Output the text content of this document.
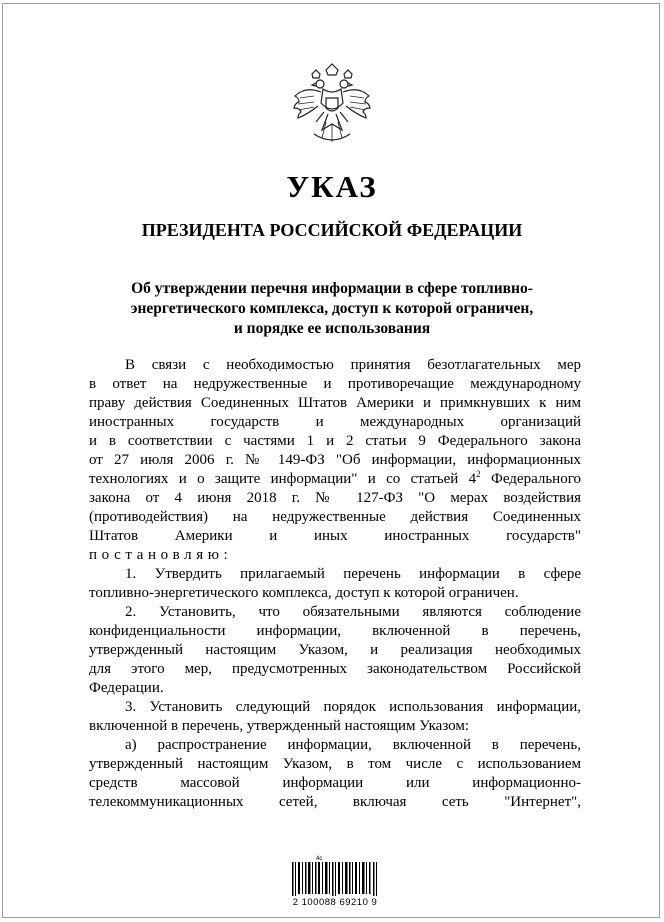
УКАЗ
ПРЕЗИДЕНТА РОССИЙСКОЙ ФЕДЕРАЦИИ
Об утверждении перечня информации в сфере топливно-
энергетического комплекса, доступ к которой ограничен,
и порядке ее использования

В связи с необходимостью принятия безотлагательных мер

в ответ на недружественные и противоречащие международному

праву действия Соединенных Штатов Америки и примкнувших к ним

иностранных государств и международных организаций

и в соответствии с частями 1 и 2 статьи 9 Федерального закона

от 27 июля 2006 г. № 149-ФЗ "Об информации, информационных

технологиях и о защите информации" и со статьей $4^2$ Федерального

закона от 4 июня 2018 г. № 127-ФЗ "О мерах воздействия

(противодействия) на недружественные действия Соединенных

Штатов Америки и иных иностранных государств"

постановляю:

1. Утвердить прилагаемый перечень информации в сфере

топливно-энергетического комплекса, доступ к которой ограничен.

2. Установить, что обязательными являются соблюдение

конфиденциальности информации, включенной в перечень,

утвержденный настоящим Указом, и реализация необходимых

для этого мер, предусмотренных законодательством Российской

Федерации.

3. Установить следующий порядок использования информации,

включенной в перечень, утвержденный настоящим Указом:

а) распространение информации, включенной в перечень,

утвержденный настоящим Указом, в том числе с использованием

средств массовой информации или информационно-

телекоммуникационных сетей, включая сеть "Интернет",

4с
2 100088 69210 9
